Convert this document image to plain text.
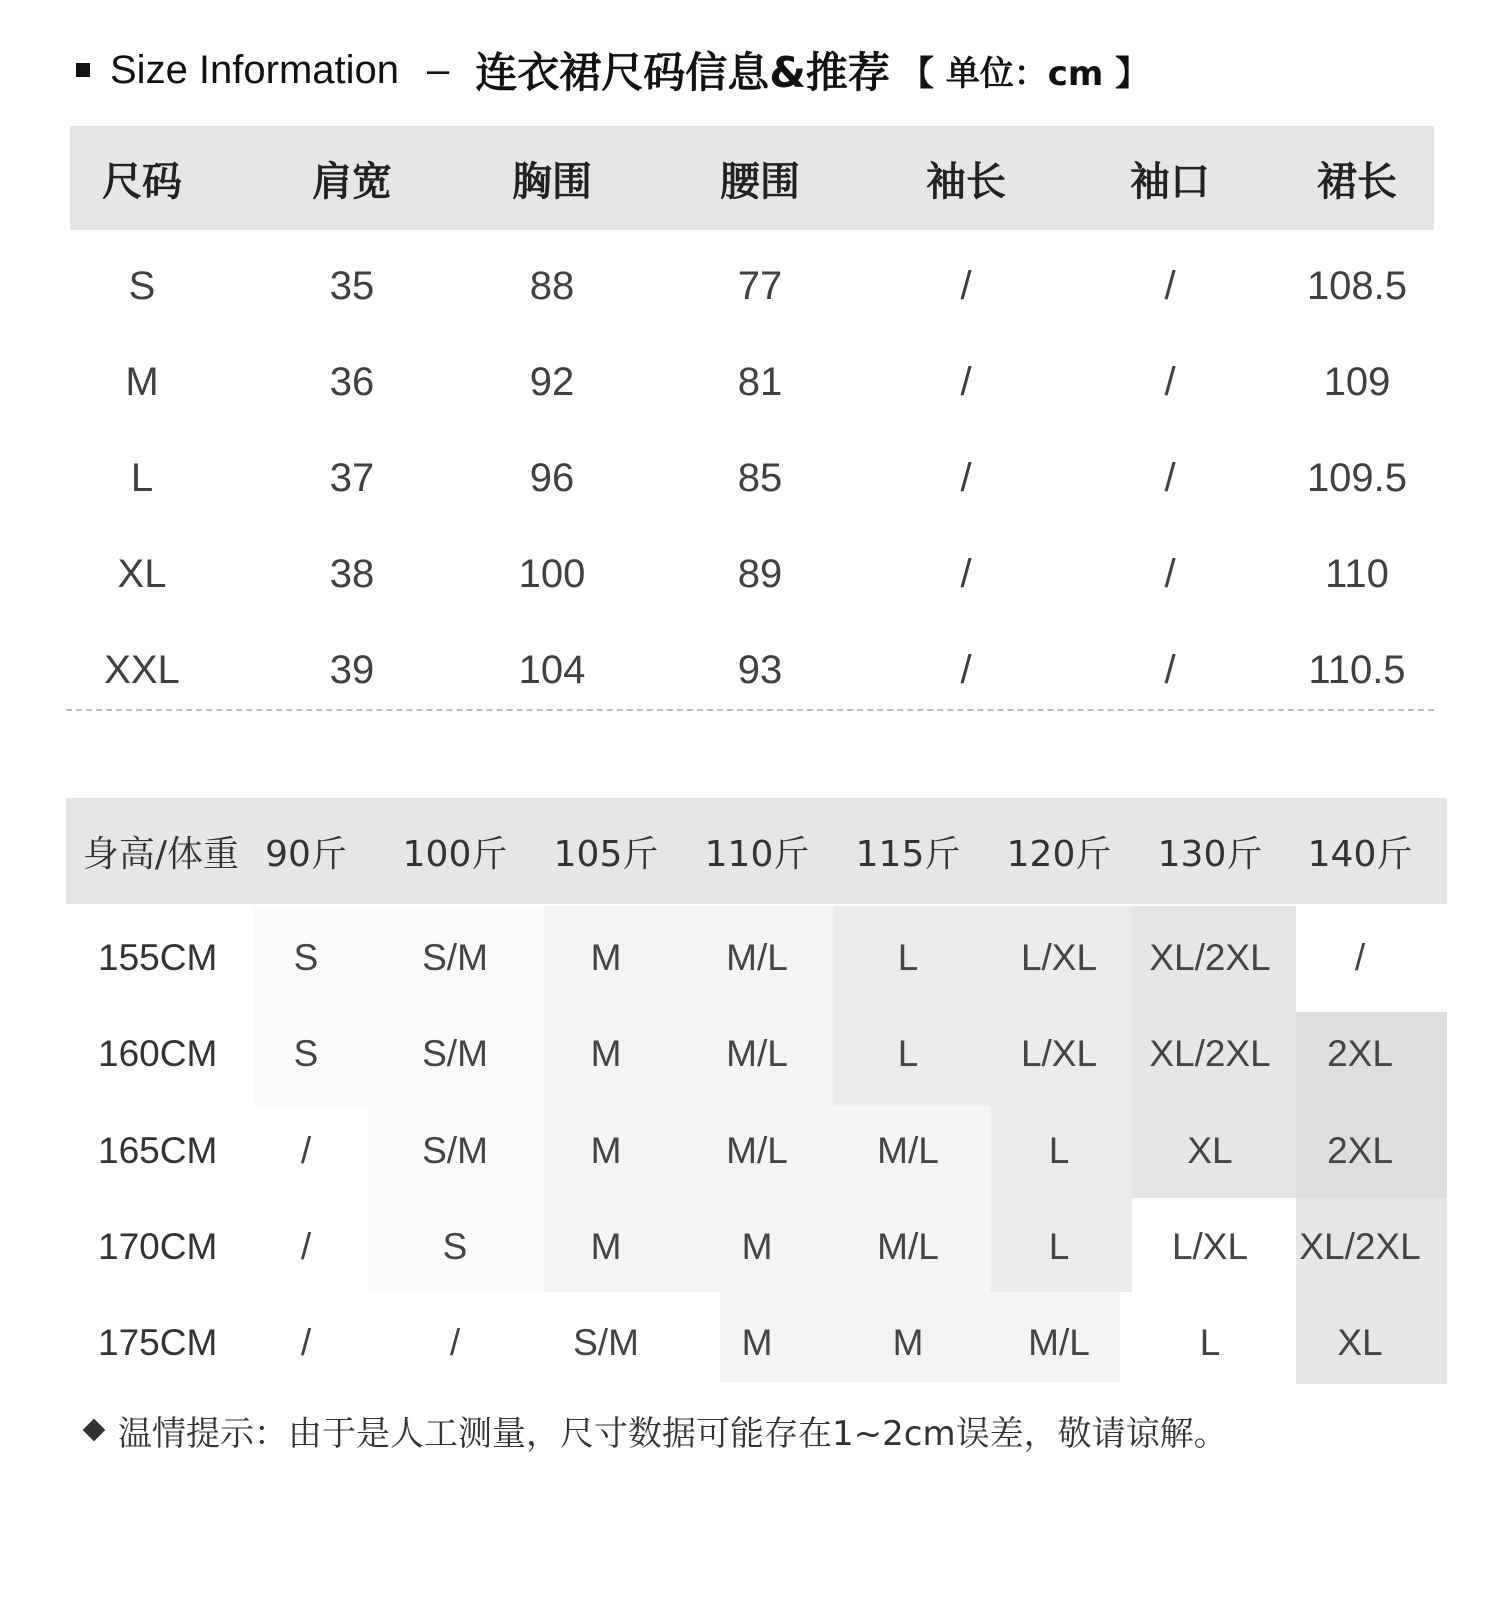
Size Information – 连衣裙尺码信息&推荐 【 单位：cm 】
尺码	肩宽	胸围	腰围	袖长	袖口	裙长
S	35	88	77	/	/	108.5
M	36	92	81	/	/	109
L	37	96	85	/	/	109.5
XL	38	100	89	/	/	110
XXL	39	104	93	/	/	110.5
身高/体重 90斤	100斤	105斤	110斤	115斤	120斤	130斤	140斤
155CM	S	S/M	M	M/L	L	L/XL	XL/2XL	/
160CM	S	S/M	M	M/L	L	L/XL	XL/2XL	2XL
165CM	/	S/M	M	M/L	M/L	L	XL	2XL
170CM	/	S	M	M	M/L	L	L/XL	XL/2XL
175CM	/	/	S/M	M	M	M/L	L	XL
温情提示：由于是人工测量，尺寸数据可能存在1~2cm误差，敬请谅解。
